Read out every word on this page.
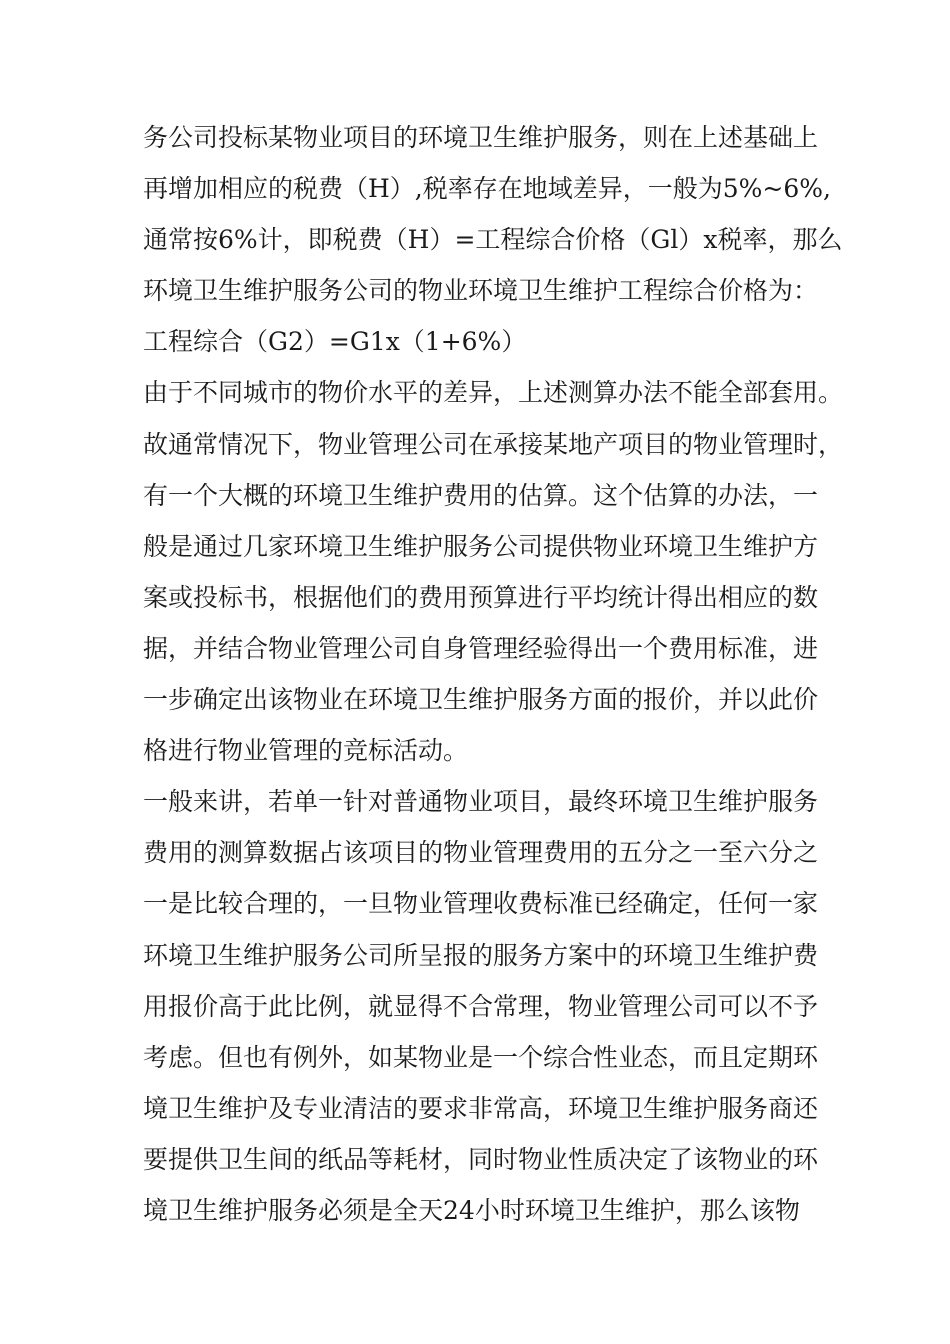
务公司投标某物业项目的环境卫生维护服务，则在上述基础上
再增加相应的税费（H）,税率存在地域差异，一般为5%~6%,
通常按6%计，即税费（H）=工程综合价格（Gl）x税率，那么
环境卫生维护服务公司的物业环境卫生维护工程综合价格为：
工程综合（G2）=G1x（1+6%）
由于不同城市的物价水平的差异，上述测算办法不能全部套用。
故通常情况下，物业管理公司在承接某地产项目的物业管理时，
有一个大概的环境卫生维护费用的估算。这个估算的办法，一
般是通过几家环境卫生维护服务公司提供物业环境卫生维护方
案或投标书，根据他们的费用预算进行平均统计得出相应的数
据，并结合物业管理公司自身管理经验得出一个费用标准，进
一步确定出该物业在环境卫生维护服务方面的报价，并以此价
格进行物业管理的竞标活动。
一般来讲，若单一针对普通物业项目，最终环境卫生维护服务
费用的测算数据占该项目的物业管理费用的五分之一至六分之
一是比较合理的，一旦物业管理收费标准已经确定，任何一家
环境卫生维护服务公司所呈报的服务方案中的环境卫生维护费
用报价高于此比例，就显得不合常理，物业管理公司可以不予
考虑。但也有例外，如某物业是一个综合性业态，而且定期环
境卫生维护及专业清洁的要求非常高，环境卫生维护服务商还
要提供卫生间的纸品等耗材，同时物业性质决定了该物业的环
境卫生维护服务必须是全天24小时环境卫生维护，那么该物
